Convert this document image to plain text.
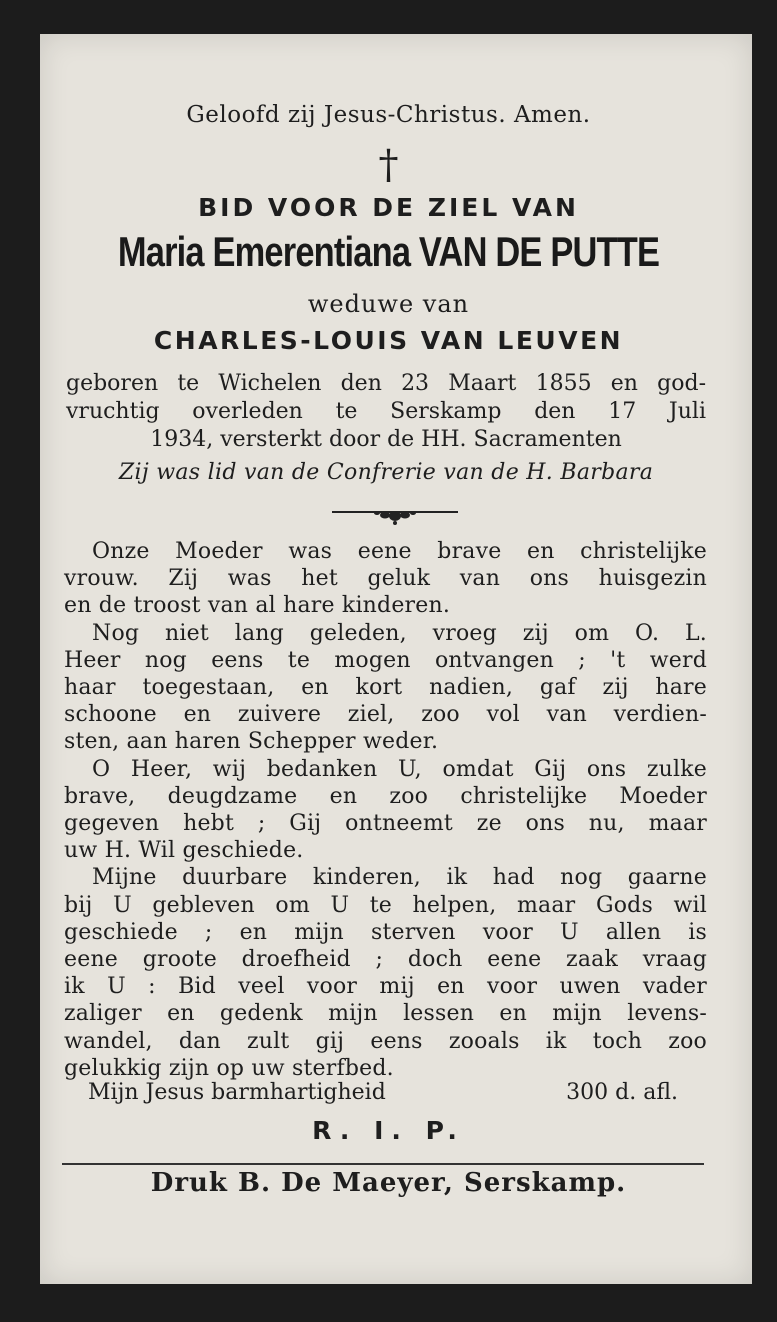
Geloofd zij Jesus-Christus. Amen.
†
BID VOOR DE ZIEL VAN
Maria Emerentiana VAN DE PUTTE
weduwe van
CHARLES-LOUIS VAN LEUVEN
geboren te Wichelen den 23 Maart 1855 en god-
vruchtig overleden te Serskamp den 17 Juli
1934, versterkt door de HH. Sacramenten
Zij was lid van de Confrerie van de H. Barbara
Onze Moeder was eene brave en christelijke
vrouw. Zij was het geluk van ons huisgezin
en de troost van al hare kinderen.
Nog niet lang geleden, vroeg zij om O. L.
Heer nog eens te mogen ontvangen ; 't werd
haar toegestaan, en kort nadien, gaf zij hare
schoone en zuivere ziel, zoo vol van verdien-
sten, aan haren Schepper weder.
O Heer, wij bedanken U, omdat Gij ons zulke
brave, deugdzame en zoo christelijke Moeder
gegeven hebt ; Gij ontneemt ze ons nu, maar
uw H. Wil geschiede.
Mijne duurbare kinderen, ik had nog gaarne
bij U gebleven om U te helpen, maar Gods wil
geschiede ; en mijn sterven voor U allen is
eene groote droefheid ; doch eene zaak vraag
ik U : Bid veel voor mij en voor uwen vader
zaliger en gedenk mijn lessen en mijn levens-
wandel, dan zult gij eens zooals ik toch zoo
gelukkig zijn op uw sterfbed.
Mijn Jesus barmhartigheid	300 d. afl.
R. I. P.
Druk B. De Maeyer, Serskamp.
